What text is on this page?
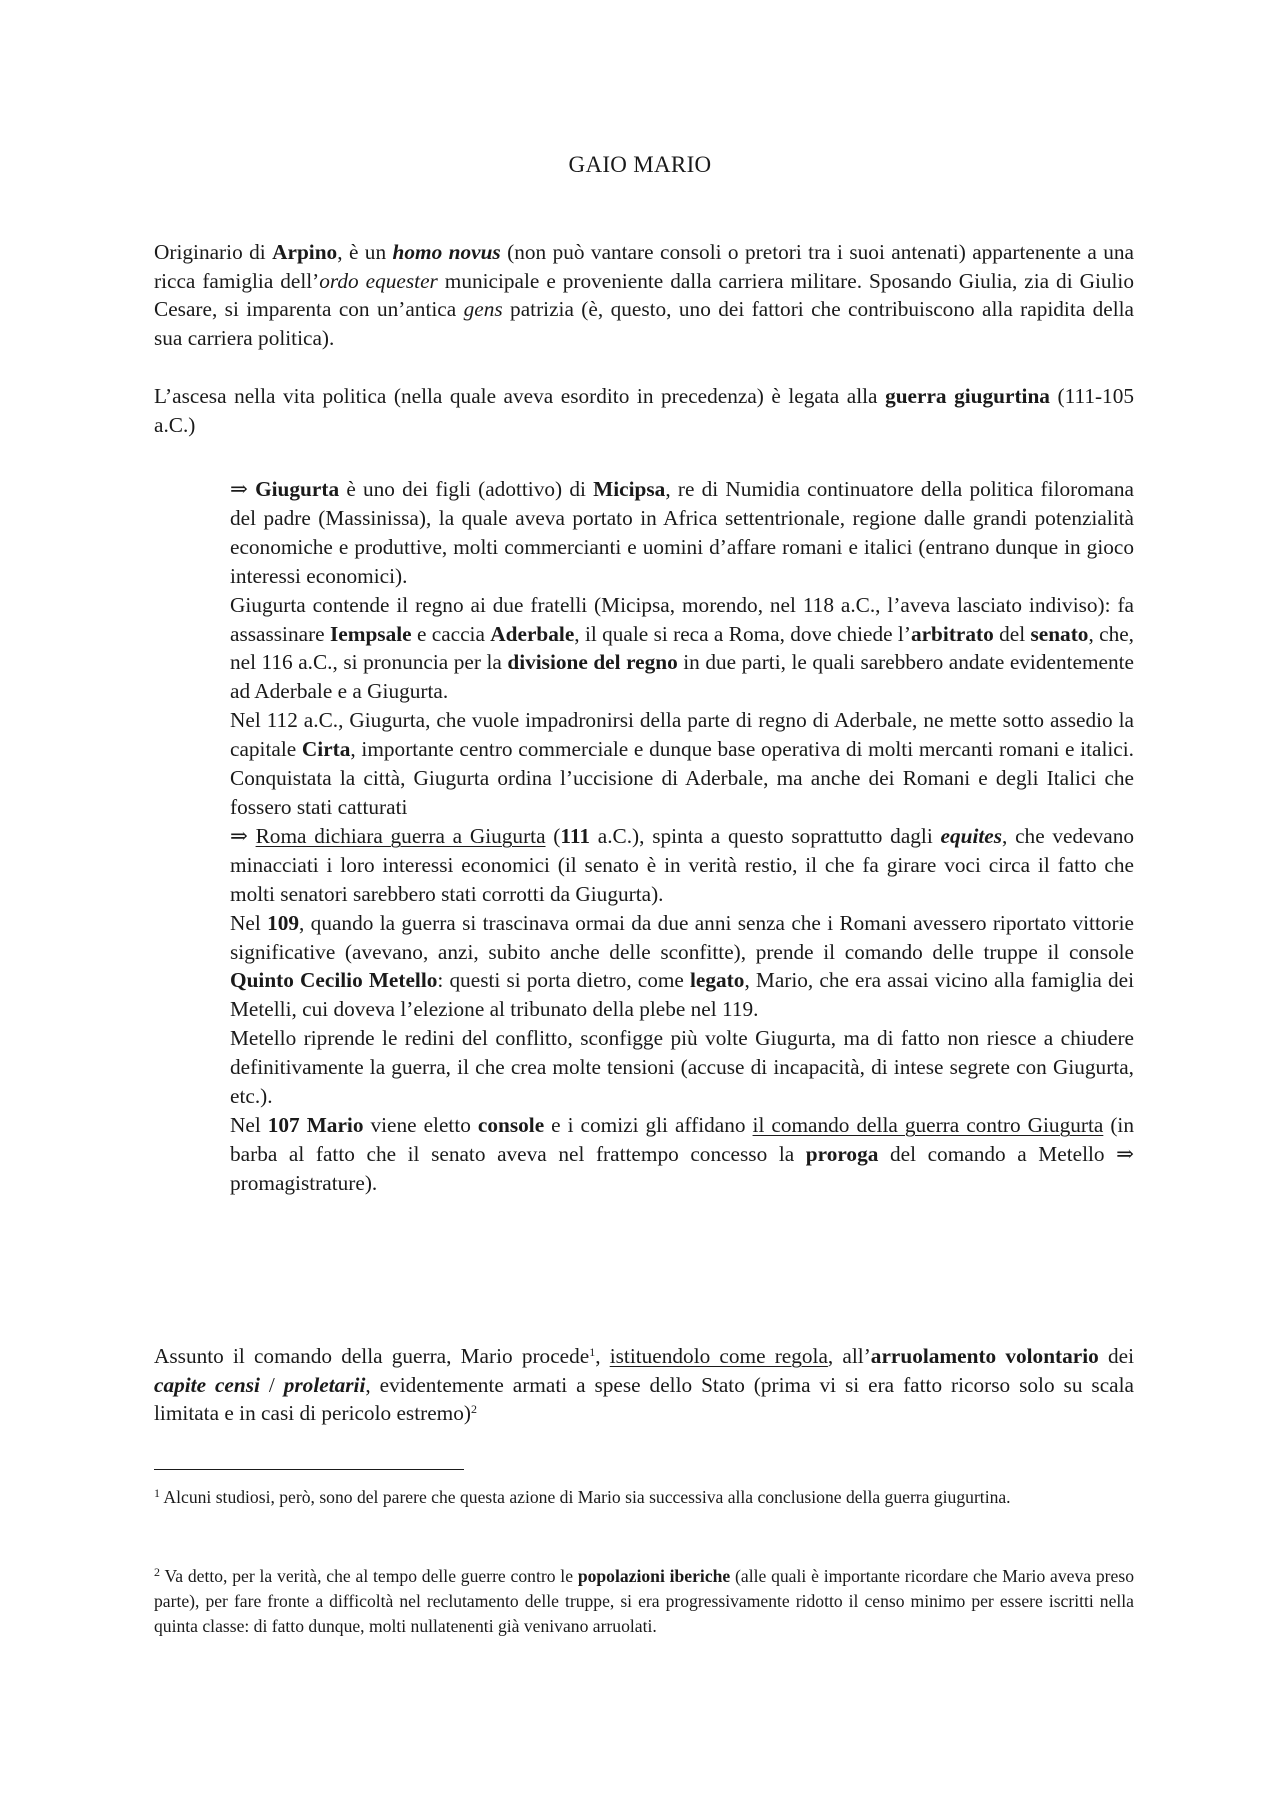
GAIO MARIO

Originario di Arpino, è un homo novus (non può vantare consoli o pretori tra i suoi antenati) appartenente a una ricca famiglia dell’ordo equester municipale e proveniente dalla carriera militare. Sposando Giulia, zia di Giulio Cesare, si imparenta con un’antica gens patrizia (è, questo, uno dei fattori che contribuiscono alla rapidita della sua carriera politica).

L’ascesa nella vita politica (nella quale aveva esordito in precedenza) è legata alla guerra giugurtina (111-105 a.C.)

⇒ Giugurta è uno dei figli (adottivo) di Micipsa, re di Numidia continuatore della politica filoromana del padre (Massinissa), la quale aveva portato in Africa settentrionale, regione dalle grandi potenzialità economiche e produttive, molti commercianti e uomini d’affare romani e italici (entrano dunque in gioco interessi economici).

Giugurta contende il regno ai due fratelli (Micipsa, morendo, nel 118 a.C., l’aveva lasciato indiviso): fa assassinare Iempsale e caccia Aderbale, il quale si reca a Roma, dove chiede l’arbitrato del senato, che, nel 116 a.C., si pronuncia per la divisione del regno in due parti, le quali sarebbero andate evidentemente ad Aderbale e a Giugurta.

Nel 112 a.C., Giugurta, che vuole impadronirsi della parte di regno di Aderbale, ne mette sotto assedio la capitale Cirta, importante centro commerciale e dunque base operativa di molti mercanti romani e italici. Conquistata la città, Giugurta ordina l’uccisione di Aderbale, ma anche dei Romani e degli Italici che fossero stati catturati

⇒ Roma dichiara guerra a Giugurta (111 a.C.), spinta a questo soprattutto dagli equites, che vedevano minacciati i loro interessi economici (il senato è in verità restio, il che fa girare voci circa il fatto che molti senatori sarebbero stati corrotti da Giugurta).

Nel 109, quando la guerra si trascinava ormai da due anni senza che i Romani avessero riportato vittorie significative (avevano, anzi, subito anche delle sconfitte), prende il comando delle truppe il console Quinto Cecilio Metello: questi si porta dietro, come legato, Mario, che era assai vicino alla famiglia dei Metelli, cui doveva l’elezione al tribunato della plebe nel 119.

Metello riprende le redini del conflitto, sconfigge più volte Giugurta, ma di fatto non riesce a chiudere definitivamente la guerra, il che crea molte tensioni (accuse di incapacità, di intese segrete con Giugurta, etc.).

Nel 107 Mario viene eletto console e i comizi gli affidano il comando della guerra contro Giugurta (in barba al fatto che il senato aveva nel frattempo concesso la proroga del comando a Metello ⇒ promagistrature).

Assunto il comando della guerra, Mario procede$^1$, istituendolo come regola, all’arruolamento volontario dei capite censi / proletarii, evidentemente armati a spese dello Stato (prima vi si era fatto ricorso solo su scala limitata e in casi di pericolo estremo)$^2$

$^1$ Alcuni studiosi, però, sono del parere che questa azione di Mario sia successiva alla conclusione della guerra giugurtina.

$^2$ Va detto, per la verità, che al tempo delle guerre contro le popolazioni iberiche (alle quali è importante ricordare che Mario aveva preso parte), per fare fronte a difficoltà nel reclutamento delle truppe, si era progressivamente ridotto il censo minimo per essere iscritti nella quinta classe: di fatto dunque, molti nullatenenti già venivano arruolati.
